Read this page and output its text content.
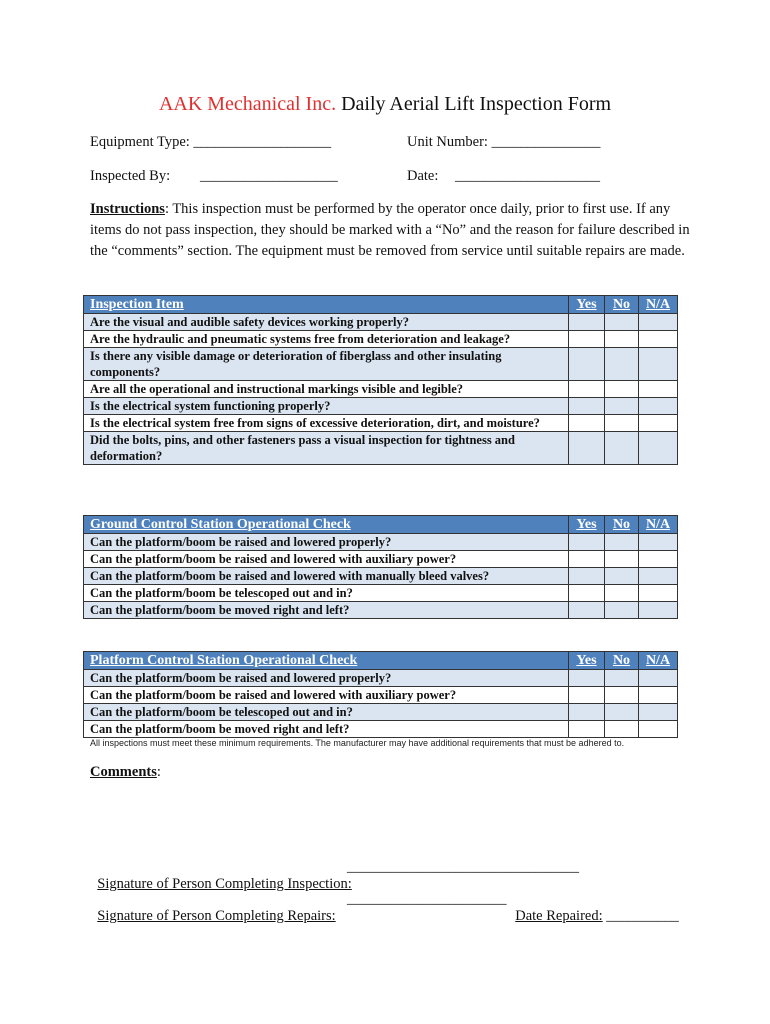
AAK Mechanical Inc. Daily Aerial Lift Inspection Form
Equipment Type: ___________________	Unit Number: _______________
Inspected By: ___________________	Date: ____________________
Instructions: This inspection must be performed by the operator once daily, prior to first use. If any items do not pass inspection, they should be marked with a “No” and the reason for failure described in the “comments” section. The equipment must be removed from service until suitable repairs are made.
Inspection Item	Yes	No	N/A
Are the visual and audible safety devices working properly?			
Are the hydraulic and pneumatic systems free from deterioration and leakage?			
Is there any visible damage or deterioration of fiberglass and other insulating components?			
Are all the operational and instructional markings visible and legible?			
Is the electrical system functioning properly?			
Is the electrical system free from signs of excessive deterioration, dirt, and moisture?			
Did the bolts, pins, and other fasteners pass a visual inspection for tightness and deformation?			
Ground Control Station Operational Check	Yes	No	N/A
Can the platform/boom be raised and lowered properly?			
Can the platform/boom be raised and lowered with auxiliary power?			
Can the platform/boom be raised and lowered with manually bleed valves?			
Can the platform/boom be telescoped out and in?			
Can the platform/boom be moved right and left?			
Platform Control Station Operational Check	Yes	No	N/A
Can the platform/boom be raised and lowered properly?			
Can the platform/boom be raised and lowered with auxiliary power?			
Can the platform/boom be telescoped out and in?			
Can the platform/boom be moved right and left?			
All inspections must meet these minimum requirements. The manufacturer may have additional requirements that must be adhered to.
Comments:

Signature of Person Completing Inspection:

________________________________

Signature of Person Completing Repairs:

______________________

Date Repaired: __________
